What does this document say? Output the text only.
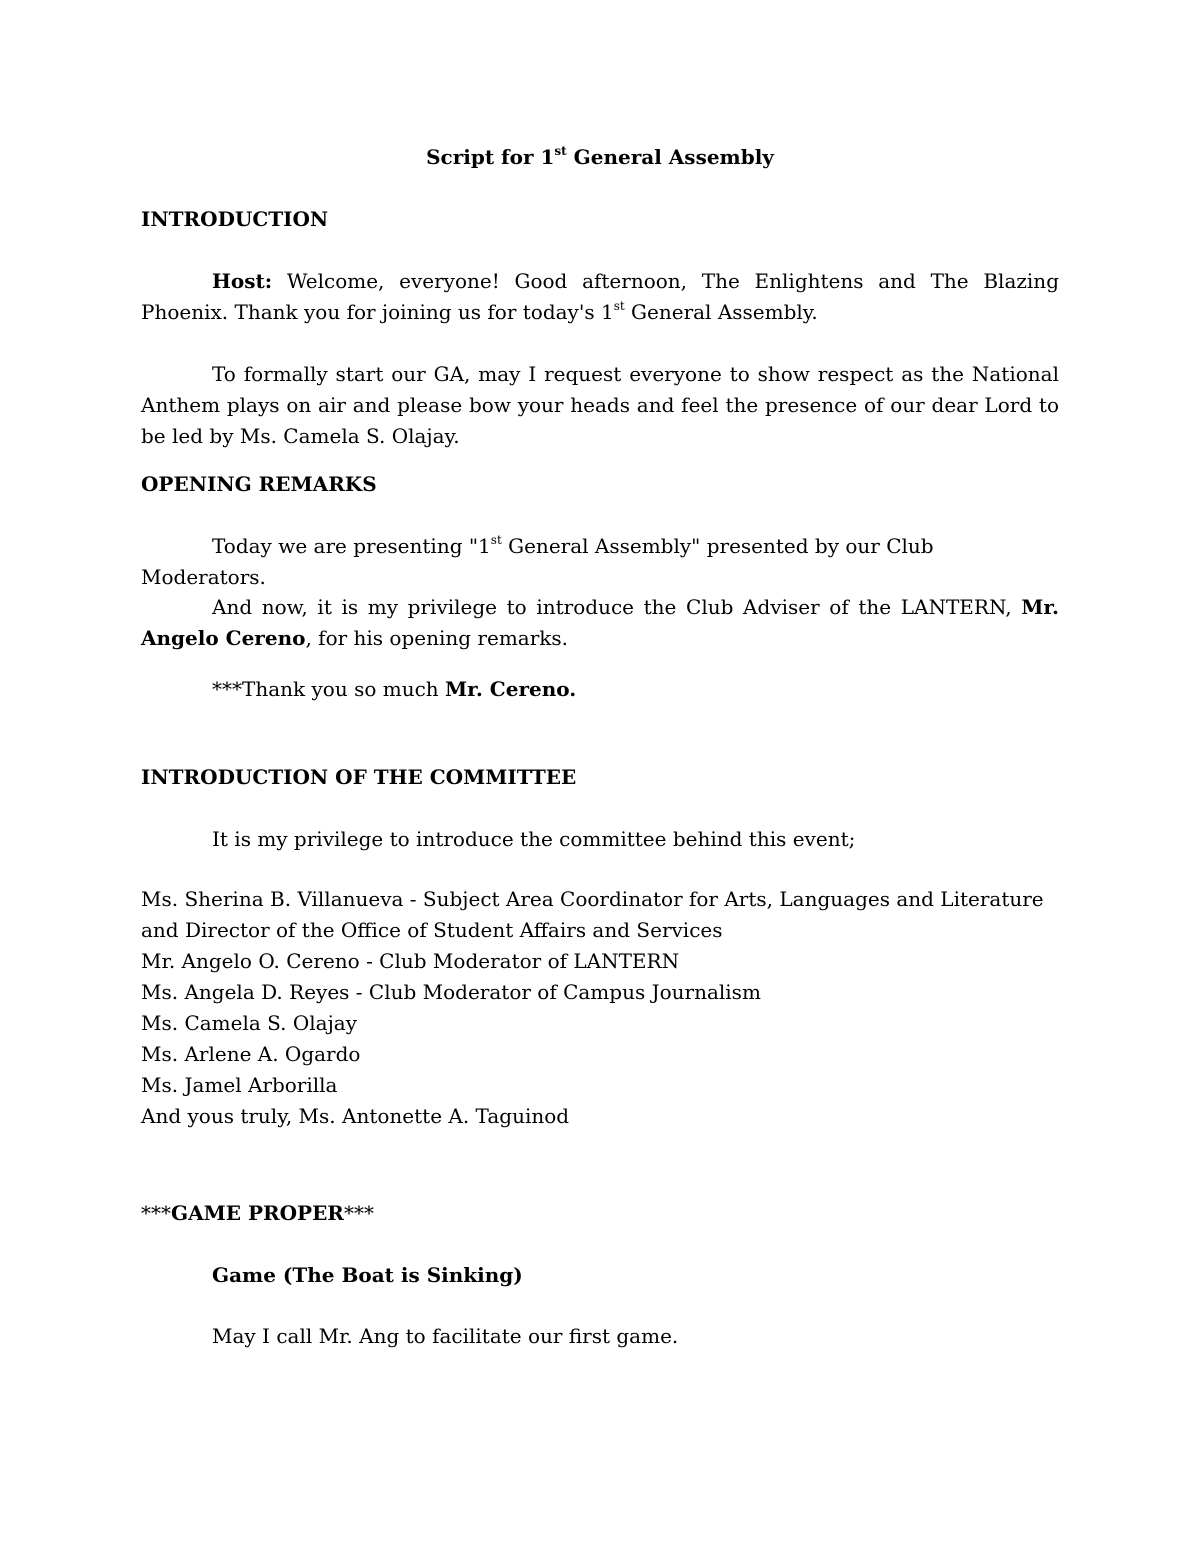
Script for 1st General Assembly

INTRODUCTION

Host: Welcome, everyone! Good afternoon, The Enlightens and The Blazing Phoenix. Thank you for joining us for today's 1st General Assembly.

To formally start our GA, may I request everyone to show respect as the National Anthem plays on air and please bow your heads and feel the presence of our dear Lord to be led by Ms. Camela S. Olajay.

OPENING REMARKS

Today we are presenting "1st General Assembly" presented by our Club Moderators.

And now, it is my privilege to introduce the Club Adviser of the LANTERN, Mr. Angelo Cereno, for his opening remarks.

***Thank you so much Mr. Cereno.

INTRODUCTION OF THE COMMITTEE

It is my privilege to introduce the committee behind this event;

Ms. Sherina B. Villanueva - Subject Area Coordinator for Arts, Languages and Literature and Director of the Office of Student Affairs and Services
Mr. Angelo O. Cereno - Club Moderator of LANTERN
Ms. Angela D. Reyes - Club Moderator of Campus Journalism
Ms. Camela S. Olajay
Ms. Arlene A. Ogardo
Ms. Jamel Arborilla
And yous truly, Ms. Antonette A. Taguinod

***GAME PROPER***

Game (The Boat is Sinking)

May I call Mr. Ang to facilitate our first game.
